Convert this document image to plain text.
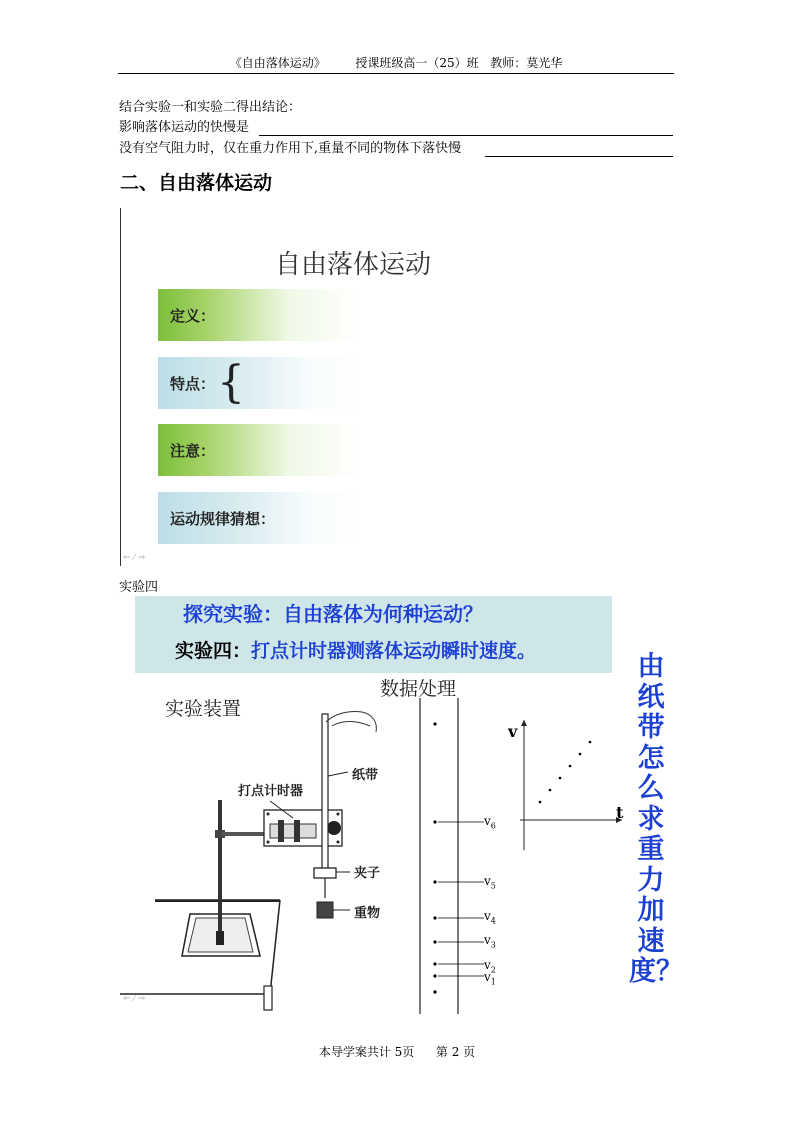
《自由落体运动》 授课班级高一（25）班 教师：莫光华
结合实验一和实验二得出结论：
影响落体运动的快慢是
没有空气阻力时，仅在重力作用下,重量不同的物体下落快慢
二、自由落体运动
自由落体运动
定义：
特点： {
注意：
运动规律猜想：
⇐ ⁄ ⇒
实验四
探究实验：自由落体为何种运动？
实验四：打点计时器测落体运动瞬时速度。
实验装置
数据处理
打点计时器
纸带
夹子
重物
$v_6$
$v_5$
$v_4$
$v_3$
$v_2$
$v_1$
v
t
由纸带怎么求重力加速度？
⇐ ⁄ ⇒
本导学案共计 5页 第 2 页
